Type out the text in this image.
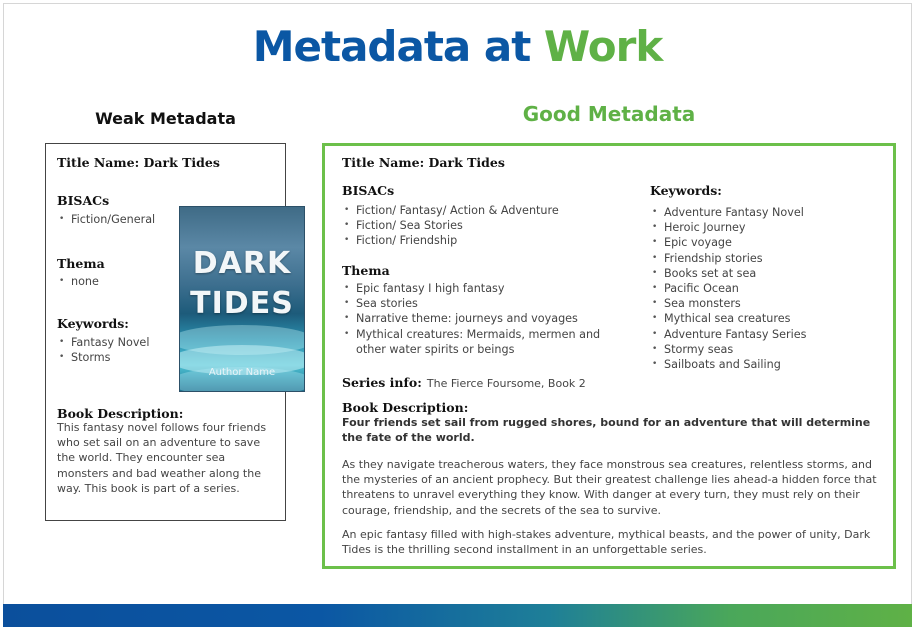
Metadata at Work
Weak Metadata	Good Metadata

Title Name: Dark Tides

BISACs

• Fiction/General

Thema

• none

Keywords:

• Fantasy Novel
• Storms

Book Description:

This fantasy novel follows four friends who set sail on an adventure to save the world. They encounter sea monsters and bad weather along the way. This book is part of a series.

DARK

TIDES

Author Name

Title Name: Dark Tides

BISACs

• Fiction/ Fantasy/ Action & Adventure
• Fiction/ Sea Stories
• Fiction/ Friendship

Thema

• Epic fantasy I high fantasy
• Sea stories
• Narrative theme: journeys and voyages
• Mythical creatures: Mermaids, mermen and other water spirits or beings

Series info: The Fierce Foursome, Book 2

Keywords:

• Adventure Fantasy Novel
• Heroic Journey
• Epic voyage
• Friendship stories
• Books set at sea
• Pacific Ocean
• Sea monsters
• Mythical sea creatures
• Adventure Fantasy Series
• Stormy seas
• Sailboats and Sailing

Book Description:

Four friends set sail from rugged shores, bound for an adventure that will determine the fate of the world.

As they navigate treacherous waters, they face monstrous sea creatures, relentless storms, and the mysteries of an ancient prophecy. But their greatest challenge lies ahead-a hidden force that threatens to unravel everything they know. With danger at every turn, they must rely on their courage, friendship, and the secrets of the sea to survive.

An epic fantasy filled with high-stakes adventure, mythical beasts, and the power of unity, Dark Tides is the thrilling second installment in an unforgettable series.
